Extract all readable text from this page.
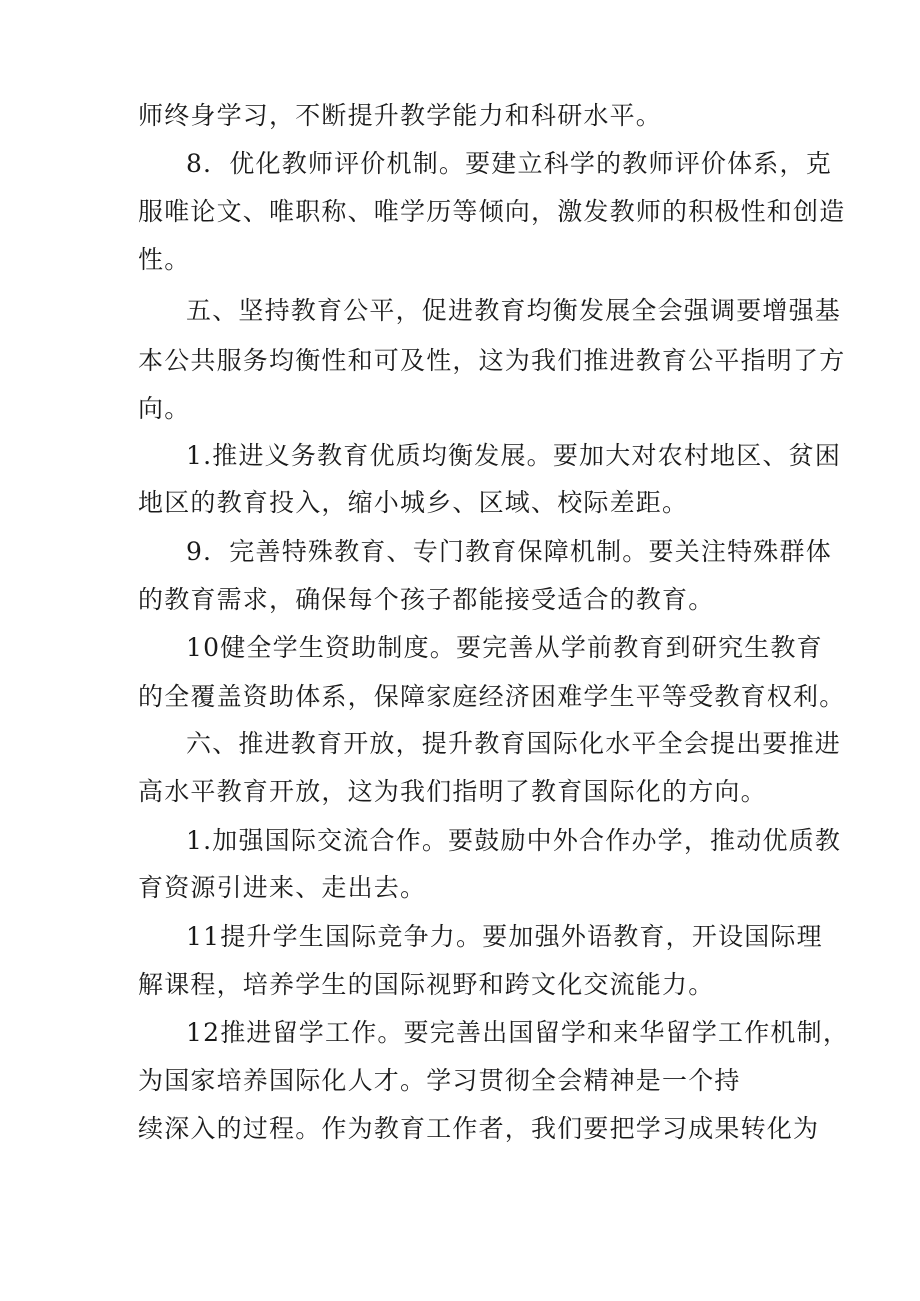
师终身学习，不断提升教学能力和科研水平。

8．优化教师评价机制。要建立科学的教师评价体系，克

服唯论文、唯职称、唯学历等倾向，激发教师的积极性和创造

性。

五、坚持教育公平，促进教育均衡发展全会强调要增强基

本公共服务均衡性和可及性，这为我们推进教育公平指明了方

向。

1.推进义务教育优质均衡发展。要加大对农村地区、贫困

地区的教育投入，缩小城乡、区域、校际差距。

9．完善特殊教育、专门教育保障机制。要关注特殊群体

的教育需求，确保每个孩子都能接受适合的教育。

10健全学生资助制度。要完善从学前教育到研究生教育

的全覆盖资助体系，保障家庭经济困难学生平等受教育权利。

六、推进教育开放，提升教育国际化水平全会提出要推进

高水平教育开放，这为我们指明了教育国际化的方向。

1.加强国际交流合作。要鼓励中外合作办学，推动优质教

育资源引进来、走出去。

11提升学生国际竞争力。要加强外语教育，开设国际理

解课程，培养学生的国际视野和跨文化交流能力。

12推进留学工作。要完善出国留学和来华留学工作机制，

为国家培养国际化人才。学习贯彻全会精神是一个持

续深入的过程。作为教育工作者，我们要把学习成果转化为
